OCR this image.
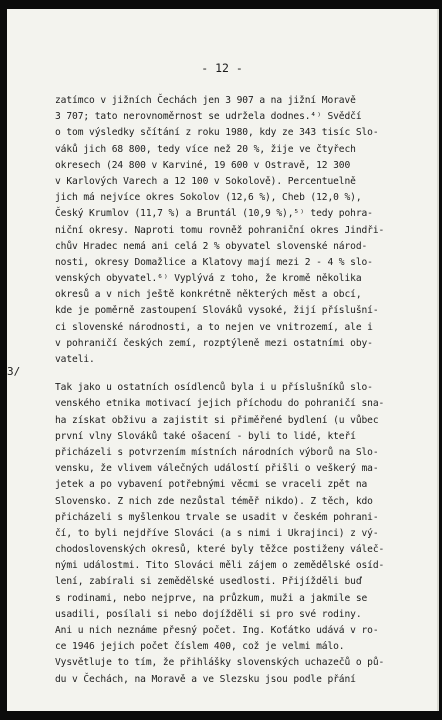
- 12 -
3/
zatímco v jižních Čechách jen 3 907 a na jižní Moravě
3 707; tato nerovnoměrnost se udržela dodnes.⁴⁾ Svědčí
o tom výsledky sčítání z roku 1980, kdy ze 343 tisíc Slo-
váků jich 68 800, tedy více než 20 %, žije ve čtyřech
okresech (24 800 v Karviné, 19 600 v Ostravě, 12 300
v Karlových Varech a 12 100 v Sokolově). Percentuelně
jich má nejvíce okres Sokolov (12,6 %), Cheb (12,0 %),
Český Krumlov (11,7 %) a Bruntál (10,9 %),⁵⁾ tedy pohra-
niční okresy. Naproti tomu rovněž pohraniční okres Jindři-
chův Hradec nemá ani celá 2 % obyvatel slovenské národ-
nosti, okresy Domažlice a Klatovy mají mezi 2 - 4 % slo-
venských obyvatel.⁶⁾ Vyplývá z toho, že kromě několika
okresů a v nich ještě konkrétně některých měst a obcí,
kde je poměrně zastoupení Slováků vysoké, žijí příslušní-
ci slovenské národnosti, a to nejen ve vnitrozemí, ale i
v pohraničí českých zemí, rozptýleně mezi ostatními oby-
vateli.
Tak jako u ostatních osídlenců byla i u příslušníků slo-
venského etnika motivací jejich příchodu do pohraničí sna-
ha získat obživu a zajistit si přiměřené bydlení (u vůbec
první vlny Slováků také ošacení - byli to lidé, kteří
přicházeli s potvrzením místních národních výborů na Slo-
vensku, že vlivem válečných událostí přišli o veškerý ma-
jetek a po vybavení potřebnými věcmi se vraceli zpět na
Slovensko. Z nich zde nezůstal téměř nikdo). Z těch, kdo
přicházeli s myšlenkou trvale se usadit v českém pohrani-
čí, to byli nejdříve Slováci (a s nimi i Ukrajinci) z vý-
chodoslovenských okresů, které byly těžce postiženy váleč-
nými událostmi. Tito Slováci měli zájem o zemědělské osíd-
lení, zabírali si zemědělské usedlosti. Přijížděli buď
s rodinami, nebo nejprve, na průzkum, muži a jakmile se
usadili, posílali si nebo dojížděli si pro své rodiny.
Ani u nich neznáme přesný počet. Ing. Koťátko udává v ro-
ce 1946 jejich počet číslem 400, což je velmi málo.
Vysvětluje to tím, že přihlášky slovenských uchazečů o pů-
du v Čechách, na Moravě a ve Slezsku jsou podle přání
